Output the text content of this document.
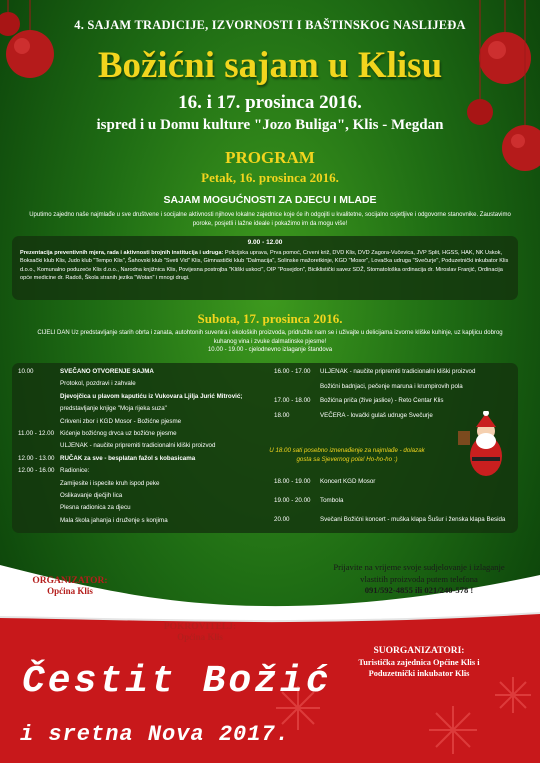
4. SAJAM TRADICIJE, IZVORNOSTI I BAŠTINSKOG NASLIJEĐA
Božićni sajam u Klisu
16. i 17. prosinca 2016.
ispred i u Domu kulture "Jozo Buliga", Klis - Megdan
PROGRAM
Petak, 16. prosinca 2016.
SAJAM MOGUĆNOSTI ZA DJECU I MLADE
Uputimo zajedno naše najmlađe u sve društvene i socijalne aktivnosti njihove lokalne zajednice koje će ih odgojiti u kvalitetne, socijalno osjetljive i odgovorne stanovnike. Zaustavimo poroke, posjetli i lažne ideale i pokažimo im da mogu više!
9.00 - 12.00
Prezentacija preventivnih mjera, rada i aktivnosti brojnih institucija i udruga: Policijska uprava, Prva pomoć, Crveni križ, DVD Klis, DVD Zagora-Vučevica, JVP Split, HGSS, HAK, NK Uskok, Boksački klub Klis, Judo klub "Tempo Klis", Šahovski klub "Sveti Vid" Klis, Gimnastički klub "Dalmacija", Solinske mažoretkinje, KGD "Mosor", Lovačka udruga "Svečurje", Poduzetnički inkubator Klis d.o.o., Komunalno poduzeće Klis d.o.o., Narodna knjižnica Klis, Povijesna postrojba "Kliški uskoci", OIP "Posejdon", Biciklistički savez SDŽ, Stomatološka ordinacija dr. Miroslav Franjić, Ordinacija opće medicine dr. Radoš, Škola stranih jezika "Wotan" i mnogi drugi.
Subota, 17. prosinca 2016.
CIJELI DAN Uz predstavljanje starih obrta i zanata, autohtonih suvenira i ekoloških proizvoda, pridružite nam se i uživajte u delicijama izvorne kliške kuhinje, uz kapljicu dobrog kuhanog vina i zvuke dalmatinske pjesme!
10.00 - 19.00 - cjelodnevno izlaganje štandova
10.00	SVEČANO OTVORENJE SAJMA
Protokol, pozdravi i zahvale
Djevojčica u plavom kaputiću iz Vukovara Ljilja Jurić Mitrović;
predstavljanje knjige "Moja rijeka suza"
Crkveni zbor i KGD Mosor - Božićne pjesme
11.00 - 12.00 Kićenje božićnog drvca uz božićne pjesme
ULJENAK - naučite pripremiti tradicionalni kliški proizvod
12.00 - 13.00 RUČAK za sve - besplatan fažol s kobasicama
12.00 - 16.00 Radionice:
Zamijesite i ispecite kruh ispod peke
Oslikavanje dječjih lica
Plesna radionica za djecu
Mala škola jahanja i druženje s konjima
16.00 - 17.00 ULJENAK - naučite pripremiti tradicionalni kliški proizvod
Božićni badnjaci, pečenje maruna i krumpirovih pola
17.00 - 18.00 Božićna priča (žive jaslice) - Reto Centar Klis
18.00	VEČERA - lovački gulaš udruge Svečurje
18.00 - 19.00 Koncert KGD Mosor
19.00 - 20.00 Tombola
20.00	Svečani Božićni koncert - muška klapa Šušur i ženska klapa Besida
U 18.00 sati posebno iznenađenje za najmlađe - dolazak gosta sa Sjevernog pola! Ho-ho-ho :)
ORGANIZATOR:
Općina Klis
POKROVITELJ:
Općina Klis
SUORGANIZATORI:
Turistička zajednica Općine Klis i
Poduzetnički inkubator Klis
Prijavite na vrijeme svoje sudjelovanje i izlaganje
vlastitih proizvoda putem telefona
091/592-4855 ili 021/240-578 !
Čestit Božić
i sretna Nova 2017.
